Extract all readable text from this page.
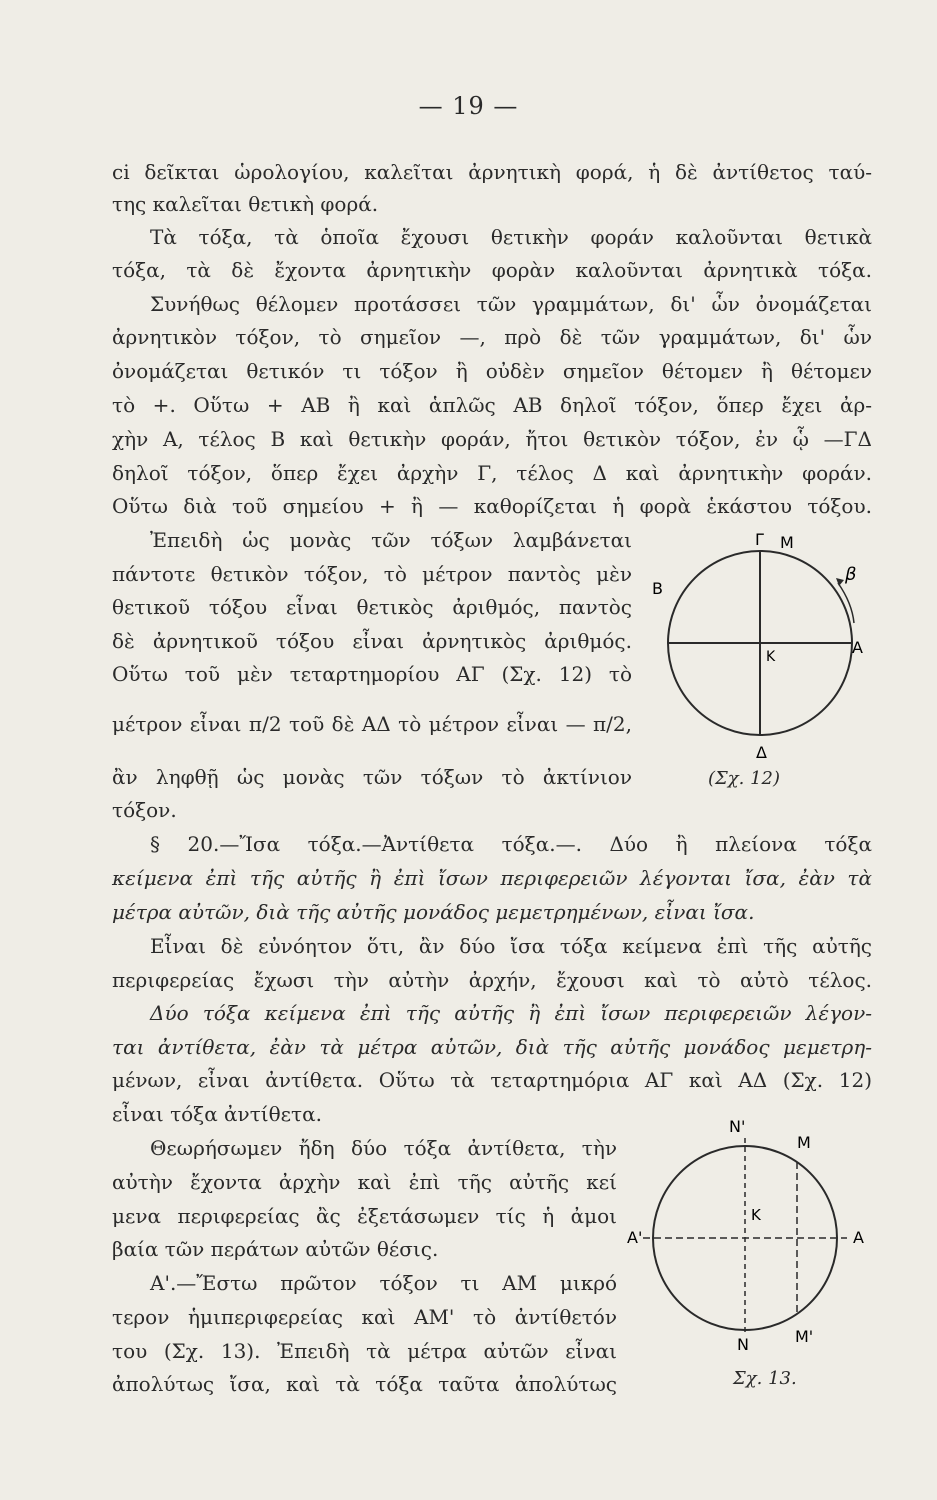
— 19 —
ci δεῖκται ὡρολογίου, καλεῖται ἀρνητικὴ φορά, ἡ δὲ ἀντίθετος ταύ-
της καλεῖται θετικὴ φορά.
Τὰ τόξα, τὰ ὁποῖα ἔχουσι θετικὴν φοράν καλοῦνται θετικὰ
τόξα, τὰ δὲ ἔχοντα ἀρνητικὴν φορὰν καλοῦνται ἀρνητικὰ τόξα.
Συνήθως θέλομεν προτάσσει τῶν γραμμάτων, δι' ὧν ὀνομάζεται
ἀρνητικὸν τόξον, τὸ σημεῖον —, πρὸ δὲ τῶν γραμμάτων, δι' ὧν
ὀνομάζεται θετικόν τι τόξον ἢ οὐδὲν σημεῖον θέτομεν ἢ θέτομεν
τὸ +. Οὕτω + ΑΒ ἢ καὶ ἁπλῶς ΑΒ δηλοῖ τόξον, ὅπερ ἔχει ἀρ-
χὴν Α, τέλος Β καὶ θετικὴν φοράν, ἤτοι θετικὸν τόξον, ἐν ᾧ —ΓΔ
δηλοῖ τόξον, ὅπερ ἔχει ἀρχὴν Γ, τέλος Δ καὶ ἀρνητικὴν φοράν.
Οὕτω διὰ τοῦ σημείου + ἢ — καθορίζεται ἡ φορὰ ἑκάστου τόξου.
Ἐπειδὴ ὡς μονὰς τῶν τόξων λαμβάνεται
πάντοτε θετικὸν τόξον, τὸ μέτρον παντὸς μὲν
θετικοῦ τόξου εἶναι θετικὸς ἀριθμός, παντὸς
δὲ ἀρνητικοῦ τόξου εἶναι ἀρνητικὸς ἀριθμός.
Οὕτω τοῦ μὲν τεταρτημορίου ΑΓ (Σχ. 12) τὸ
μέτρον εἶναι π/2 τοῦ δὲ ΑΔ τὸ μέτρον εἶναι — π/2,
ἂν ληφθῇ ὡς μονὰς τῶν τόξων τὸ ἀκτίνιον
τόξον.
§ 20.—Ἴσα τόξα.—Ἀντίθετα τόξα.—. Δύο ἢ πλείονα τόξα
κείμενα ἐπὶ τῆς αὐτῆς ἢ ἐπὶ ἴσων περιφερειῶν λέγονται ἴσα, ἐὰν τὰ
μέτρα αὐτῶν, διὰ τῆς αὐτῆς μονάδος μεμετρημένων, εἶναι ἴσα.
Εἶναι δὲ εὐνόητον ὅτι, ἂν δύο ἴσα τόξα κείμενα ἐπὶ τῆς αὐτῆς
περιφερείας ἔχωσι τὴν αὐτὴν ἀρχήν, ἔχουσι καὶ τὸ αὐτὸ τέλος.
Δύο τόξα κείμενα ἐπὶ τῆς αὐτῆς ἢ ἐπὶ ἴσων περιφερειῶν λέγον-
ται ἀντίθετα, ἐὰν τὰ μέτρα αὐτῶν, διὰ τῆς αὐτῆς μονάδος μεμετρη-
μένων, εἶναι ἀντίθετα. Οὕτω τὰ τεταρτημόρια ΑΓ καὶ ΑΔ (Σχ. 12)
εἶναι τόξα ἀντίθετα.
Θεωρήσωμεν ἤδη δύο τόξα ἀντίθετα, τὴν
αὐτὴν ἔχοντα ἀρχὴν καὶ ἐπὶ τῆς αὐτῆς κεί
μενα περιφερείας ἂς ἐξετάσωμεν τίς ἡ ἀμοι
βαία τῶν περάτων αὐτῶν θέσις.
Α'.—Ἔστω πρῶτον τόξον τι ΑΜ μικρό
τερον ἡμιπεριφερείας καὶ ΑΜ' τὸ ἀντίθετόν
του (Σχ. 13). Ἐπειδὴ τὰ μέτρα αὐτῶν εἶναι
ἀπολύτως ἴσα, καὶ τὰ τόξα ταῦτα ἀπολύτως
Γ M
B
A
K
Δ
β
(Σχ. 12)
N'
M
K
A'	A
N	M'
Σχ. 13.
